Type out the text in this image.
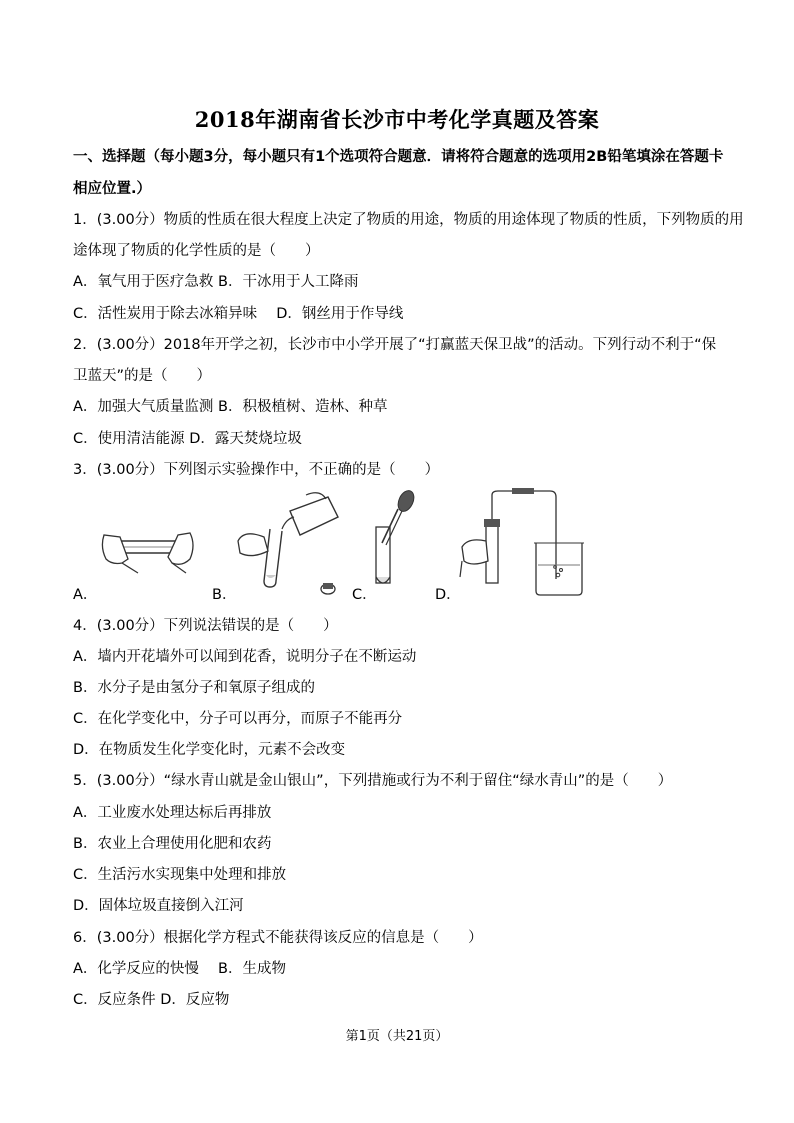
2018年湖南省长沙市中考化学真题及答案
一、选择题（每小题3分，每小题只有1个选项符合题意．请将符合题意的选项用2B铅笔填涂在答题卡
相应位置.）
1．(3.00分）物质的性质在很大程度上决定了物质的用途，物质的用途体现了物质的性质，下列物质的用
途体现了物质的化学性质的是（　　）
A．氧气用于医疗急救 B．干冰用于人工降雨
C．活性炭用于除去冰箱异味　 D．钢丝用于作导线
2．(3.00分）2018年开学之初，长沙市中小学开展了“打赢蓝天保卫战”的活动。下列行动不利于“保
卫蓝天”的是（　　）
A．加强大气质量监测 B．积极植树、造林、种草
C．使用清洁能源 D．露天焚烧垃圾
3．(3.00分）下列图示实验操作中，不正确的是（　　）
A．	B．	C．	D．
4．(3.00分）下列说法错误的是（　　）
A．墙内开花墙外可以闻到花香，说明分子在不断运动
B．水分子是由氢分子和氧原子组成的
C．在化学变化中，分子可以再分，而原子不能再分
D．在物质发生化学变化时，元素不会改变
5．(3.00分）“绿水青山就是金山银山”，下列措施或行为不利于留住“绿水青山”的是（　　）
A．工业废水处理达标后再排放
B．农业上合理使用化肥和农药
C．生活污水实现集中处理和排放
D．固体垃圾直接倒入江河
6．(3.00分）根据化学方程式不能获得该反应的信息是（　　）
A．化学反应的快慢　 B．生成物
C．反应条件 D．反应物
第1页（共21页）
